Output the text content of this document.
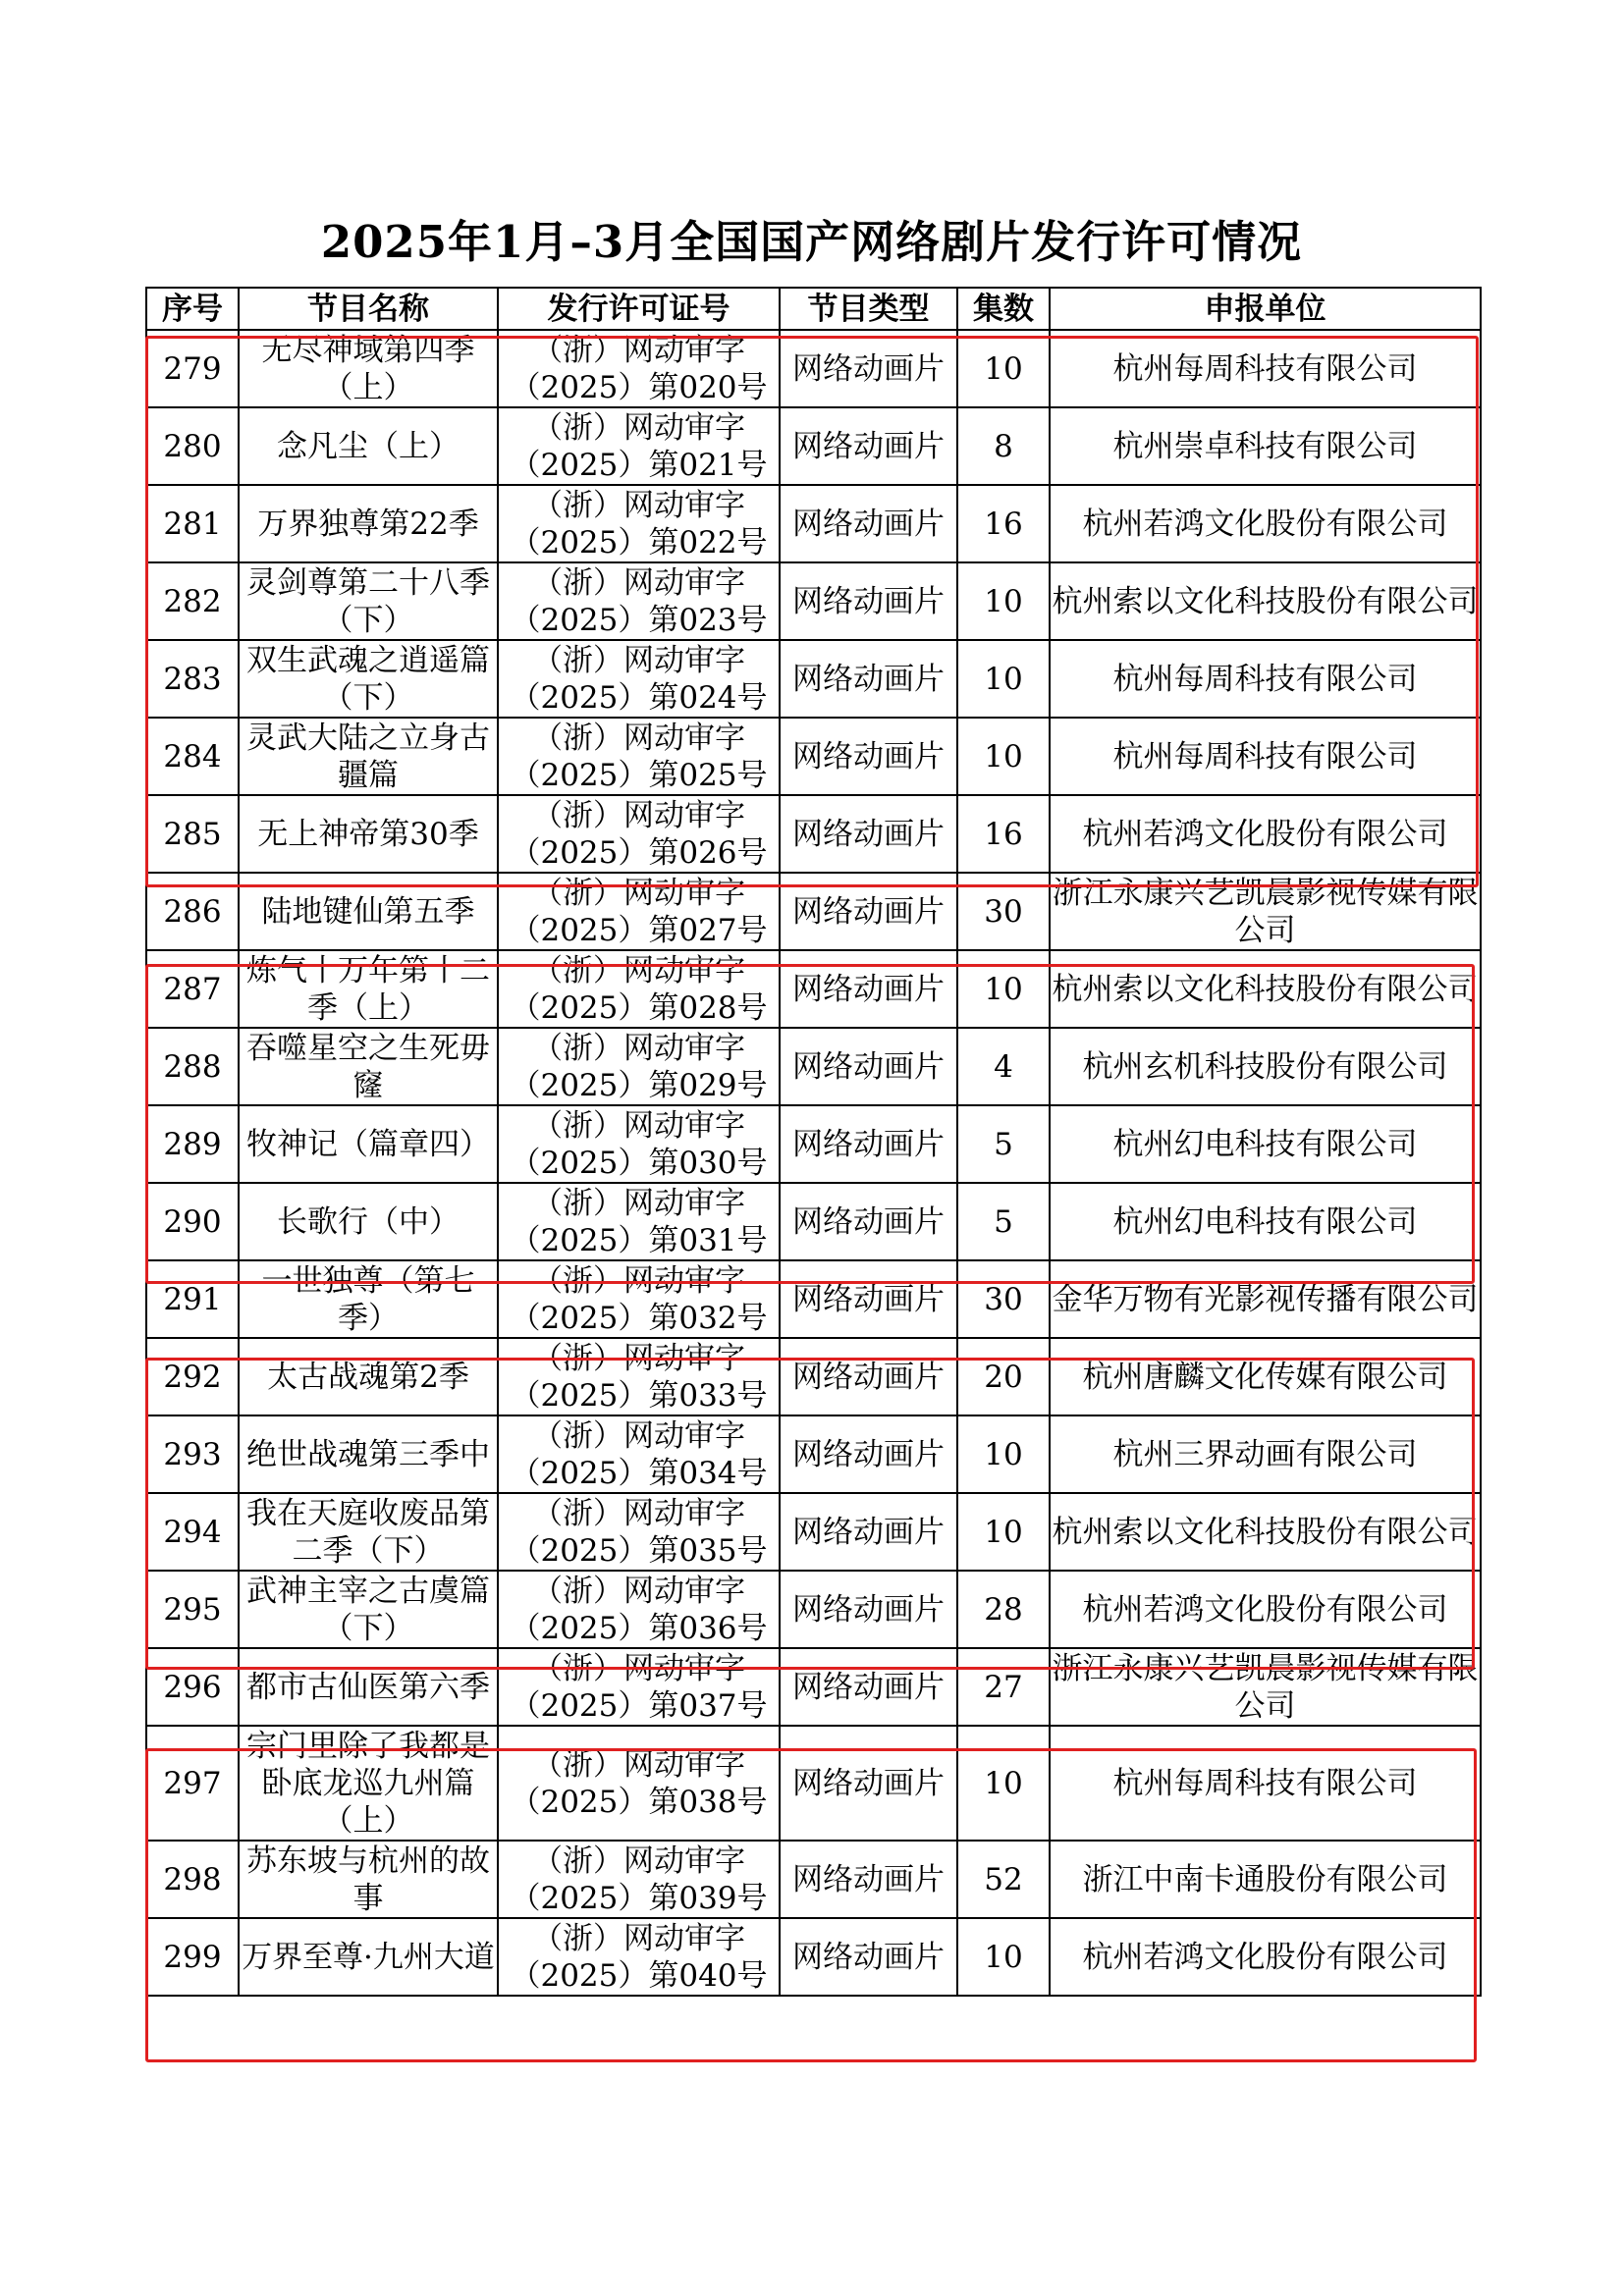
2025年1月–3月全国国产网络剧片发行许可情况
序号	节目名称	发行许可证号	节目类型	集数	申报单位

279	无尽神域第四季（上）	（浙）网动审字（2025）第020号	网络动画片	10	杭州每周科技有限公司

280	念凡尘（上）	（浙）网动审字（2025）第021号	网络动画片	8	杭州崇卓科技有限公司

281	万界独尊第22季	（浙）网动审字（2025）第022号	网络动画片	16	杭州若鸿文化股份有限公司

282	灵剑尊第二十八季（下）	（浙）网动审字（2025）第023号	网络动画片	10	杭州索以文化科技股份有限公司

283	双生武魂之逍遥篇（下）	（浙）网动审字（2025）第024号	网络动画片	10	杭州每周科技有限公司

284	灵武大陆之立身古疆篇	（浙）网动审字（2025）第025号	网络动画片	10	杭州每周科技有限公司

285	无上神帝第30季	（浙）网动审字（2025）第026号	网络动画片	16	杭州若鸿文化股份有限公司

286	陆地键仙第五季	（浙）网动审字（2025）第027号	网络动画片	30	浙江永康兴艺凯晨影视传媒有限公司

287	炼气十万年第十二季（上）	（浙）网动审字（2025）第028号	网络动画片	10	杭州索以文化科技股份有限公司

288	吞噬星空之生死毋窿	（浙）网动审字（2025）第029号	网络动画片	4	杭州玄机科技股份有限公司

289	牧神记（篇章四）	（浙）网动审字（2025）第030号	网络动画片	5	杭州幻电科技有限公司

290	长歌行（中）	（浙）网动审字（2025）第031号	网络动画片	5	杭州幻电科技有限公司

291	一世独尊（第七季）	（浙）网动审字（2025）第032号	网络动画片	30	金华万物有光影视传播有限公司

292	太古战魂第2季	（浙）网动审字（2025）第033号	网络动画片	20	杭州唐麟文化传媒有限公司

293	绝世战魂第三季中	（浙）网动审字（2025）第034号	网络动画片	10	杭州三界动画有限公司

294	我在天庭收废品第二季（下）	（浙）网动审字（2025）第035号	网络动画片	10	杭州索以文化科技股份有限公司

295	武神主宰之古虞篇（下）	（浙）网动审字（2025）第036号	网络动画片	28	杭州若鸿文化股份有限公司

296	都市古仙医第六季	（浙）网动审字（2025）第037号	网络动画片	27	浙江永康兴艺凯晨影视传媒有限公司

297	宗门里除了我都是卧底龙巡九州篇（上）	（浙）网动审字（2025）第038号	网络动画片	10	杭州每周科技有限公司

298	苏东坡与杭州的故事	（浙）网动审字（2025）第039号	网络动画片	52	浙江中南卡通股份有限公司

299	万界至尊·九州大道	（浙）网动审字（2025）第040号	网络动画片	10	杭州若鸿文化股份有限公司
